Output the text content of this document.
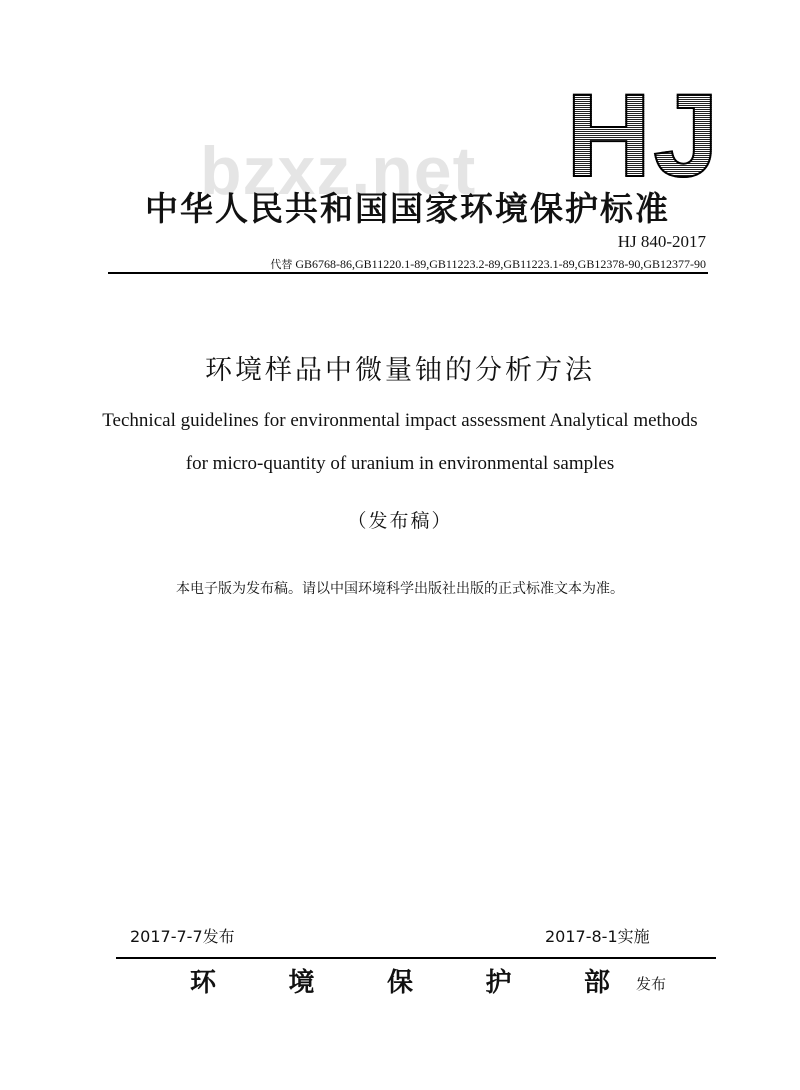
bzxz.net HJ
中华人民共和国国家环境保护标准
HJ 840-2017
代替 GB6768-86,GB11220.1-89,GB11223.2-89,GB11223.1-89,GB12378-90,GB12377-90
环境样品中微量铀的分析方法
Technical guidelines for environmental impact assessment Analytical methods
for micro-quantity of uranium in environmental samples
（发布稿）
本电子版为发布稿。请以中国环境科学出版社出版的正式标准文本为准。
2017-7-7发布	2017-8-1实施
环	境	保	护	部 发布
